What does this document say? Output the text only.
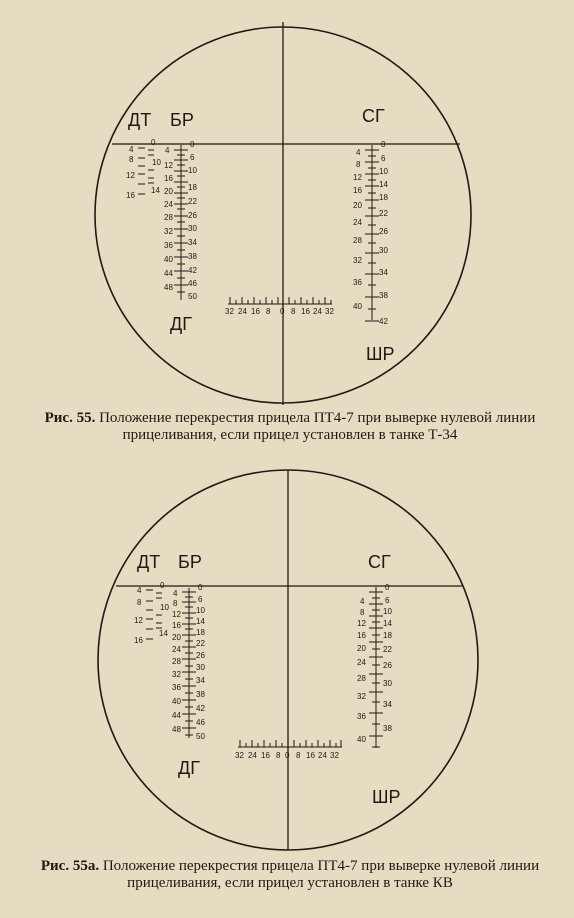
ДТ БР	СГ
ДГ
ШР
4
8
12
16
0
10
14
4
12
16
20
24
28
32
36
40
44
48
0
6
10
18
22
26
30
34
38
42
46
50
4
8
12
16
20
24
28
32
36
40
0
6
10
14
18
22
26
30
34
38
42
32 24 16 8 0 8 16 24 32
Рис. 55. Положение перекрестия прицела ПТ4-7 при выверке нулевой линии прицеливания, если прицел установлен в танке Т-34
ДТ БР	СГ
ДГ
ШР
4
8
12
16
0
10
14
4
8
12
16
20
24
28
32
36
40
44
48
0
6
10
14
18
22
26
30
34
38
42
46
50
4
8
12
16
20
24
28
32
36
40
0
6
10
14
18
22
26
30
34
38
32 24 16 8 0 8 16 24 32
Рис. 55а. Положение перекрестия прицела ПТ4-7 при выверке нулевой линии прицеливания, если прицел установлен в танке КВ
